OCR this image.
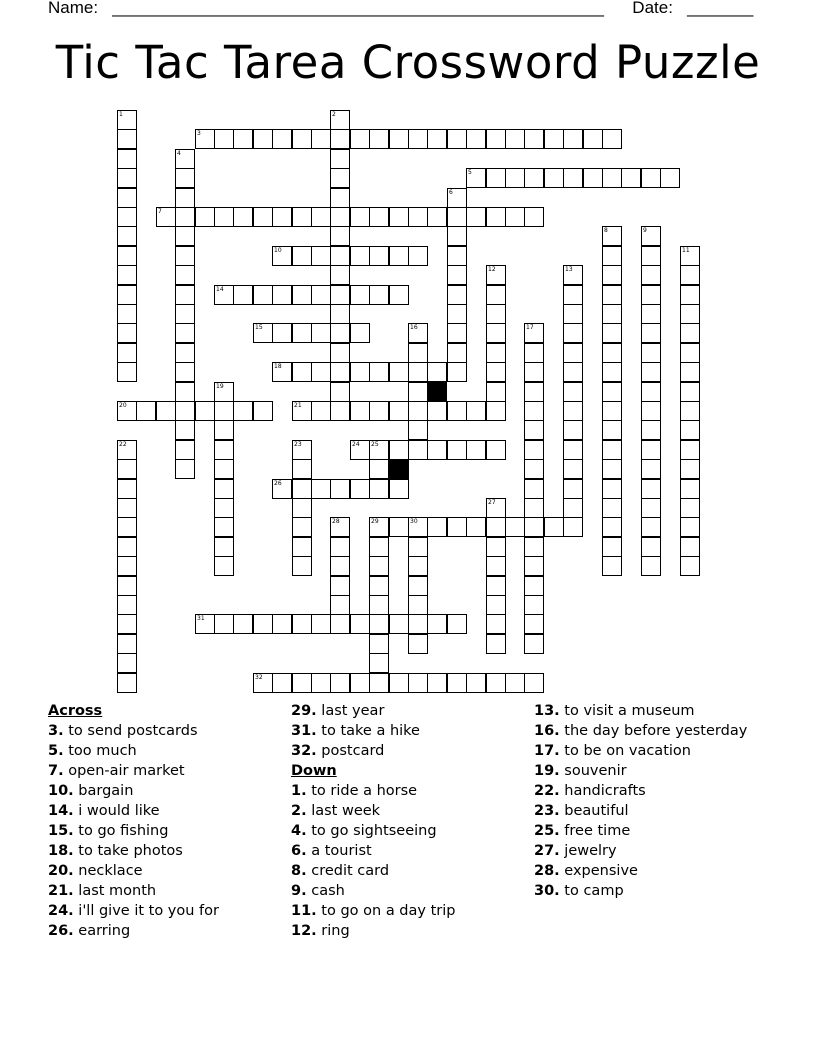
Name: ____________________________________________________ Date: _______
Tic Tac Tarea Crossword Puzzle
1	2
3
4
5
6
7
8	9
10	11
12	13
14
15	16	17
18
19
20	21
22	23	24 25
26
27
28	29	30
31
32
Across
3. to send postcards
5. too much
7. open-air market
10. bargain
14. i would like
15. to go fishing
18. to take photos
20. necklace
21. last month
24. i'll give it to you for
26. earring
29. last year
31. to take a hike
32. postcard
Down
1. to ride a horse
2. last week
4. to go sightseeing
6. a tourist
8. credit card
9. cash
11. to go on a day trip
12. ring
13. to visit a museum
16. the day before yesterday
17. to be on vacation
19. souvenir
22. handicrafts
23. beautiful
25. free time
27. jewelry
28. expensive
30. to camp
